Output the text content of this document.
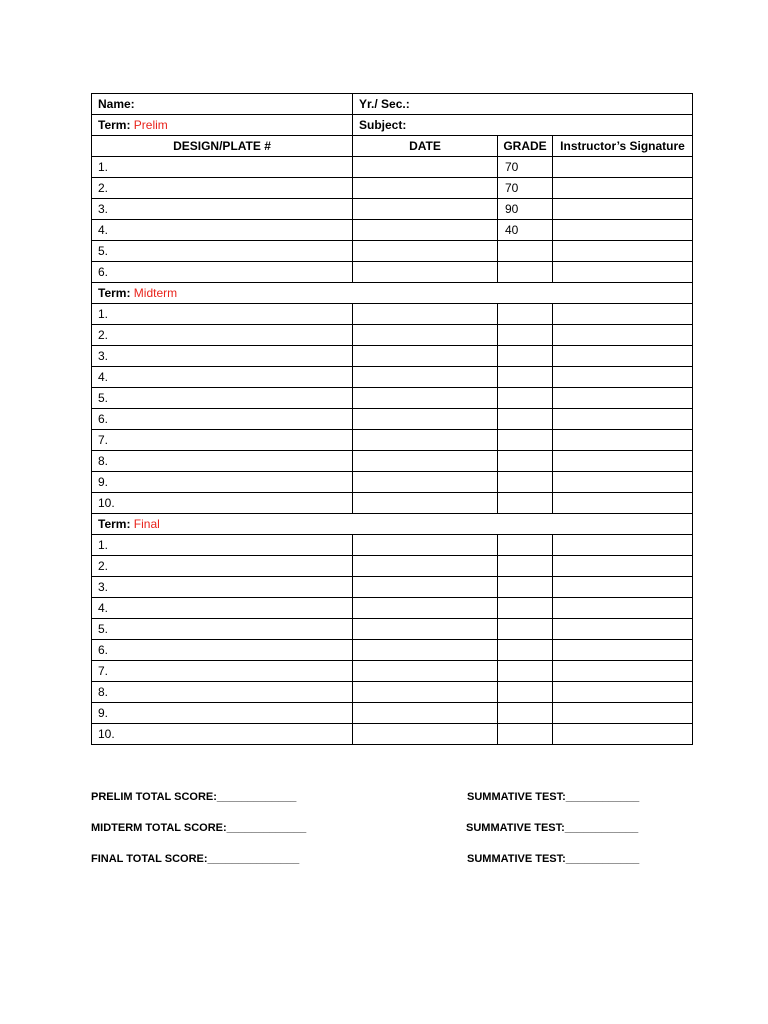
Name:	Yr./ Sec.:		
Term: Prelim	Subject:		
DESIGN/PLATE #	DATE	GRADE	Instructor’s Signature
1.		70	
2.		70	
3.		90	
4.		40	
5.			
6.			
Term: Midterm			
1.			
2.			
3.			
4.			
5.			
6.			
7.			
8.			
9.			
10.			
Term: Final			
1.			
2.			
3.			
4.			
5.			
6.			
7.			
8.			
9.			
10.			
PRELIM TOTAL SCORE:_____________
MIDTERM TOTAL SCORE:_____________
FINAL TOTAL SCORE:_______________
SUMMATIVE TEST:____________
SUMMATIVE TEST:____________
SUMMATIVE TEST:____________
